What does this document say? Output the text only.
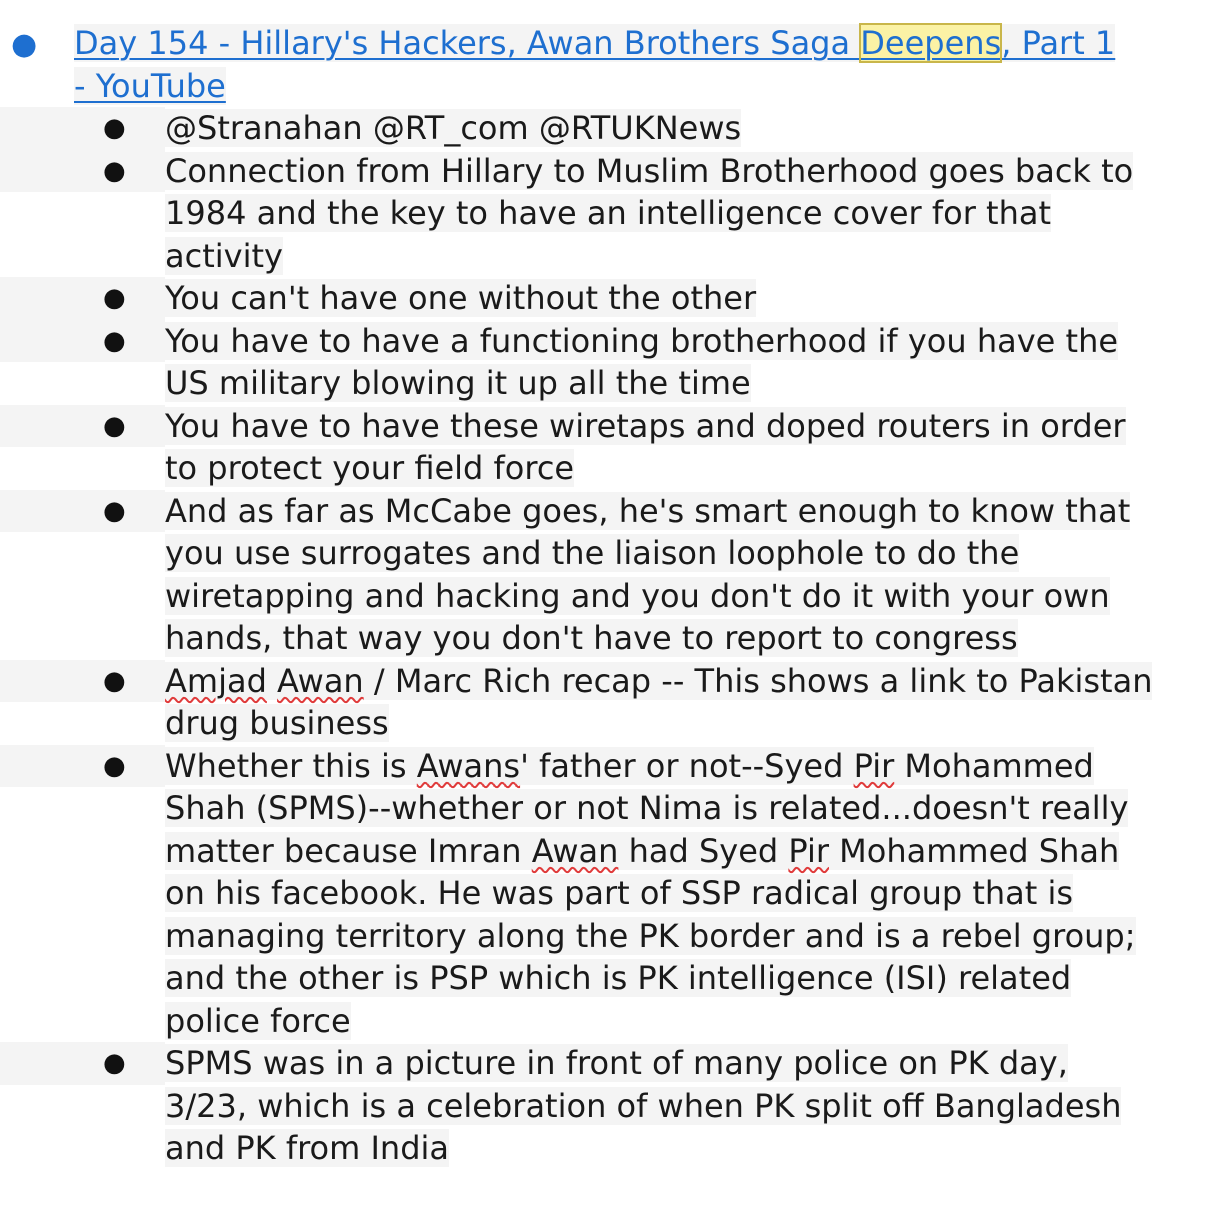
● Day 154 - Hillary's Hackers, Awan Brothers Saga Deepens, Part 1 - YouTube
● @Stranahan @RT_com @RTUKNews
● Connection from Hillary to Muslim Brotherhood goes back to 1984 and the key to have an intelligence cover for that activity
● You can't have one without the other
● You have to have a functioning brotherhood if you have the US military blowing it up all the time
● You have to have these wiretaps and doped routers in order to protect your field force
● And as far as McCabe goes, he's smart enough to know that you use surrogates and the liaison loophole to do the wiretapping and hacking and you don't do it with your own hands, that way you don't have to report to congress
● Amjad Awan / Marc Rich recap -- This shows a link to Pakistan drug business
● Whether this is Awans' father or not--Syed Pir Mohammed Shah (SPMS)--whether or not Nima is related...doesn't really matter because Imran Awan had Syed Pir Mohammed Shah on his facebook. He was part of SSP radical group that is managing territory along the PK border and is a rebel group; and the other is PSP which is PK intelligence (ISI) related police force
● SPMS was in a picture in front of many police on PK day, 3/23, which is a celebration of when PK split off Bangladesh and PK from India
